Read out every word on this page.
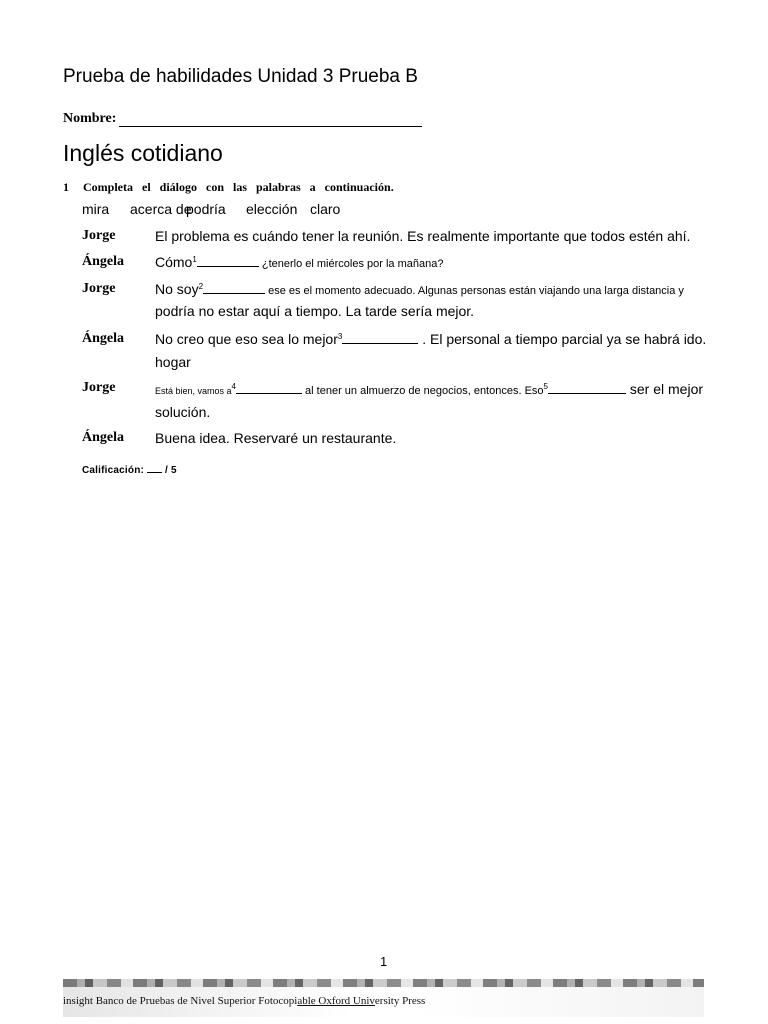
Prueba de habilidades Unidad 3 Prueba B
Nombre:
Inglés cotidiano
1 Completa el diálogo con las palabras a continuación.
mira acerca de
podría elección claro
Jorge	El problema es cuándo tener la reunión. Es realmente importante que todos estén ahí.
Ángela Cómo$^1$	¿tenerlo el miércoles por la mañana?
Jorge	No soy$^2$	ese es el momento adecuado. Algunas personas están viajando una larga distancia y
podría no estar aquí a tiempo. La tarde sería mejor.
Ángela No creo que eso sea lo mejor$^3$	. El personal a tiempo parcial ya se habrá ido.
hogar
Jorge	Está bien, vamos $a^4$	al tener un almuerzo de negocios, entonces. Eso$^5$	ser el mejor
solución.
Ángela Buena idea. Reservaré un restaurante.
Calificación: / 5
1
insight Banco de Pruebas de Nivel Superior Fotocopiable Oxford University Press
